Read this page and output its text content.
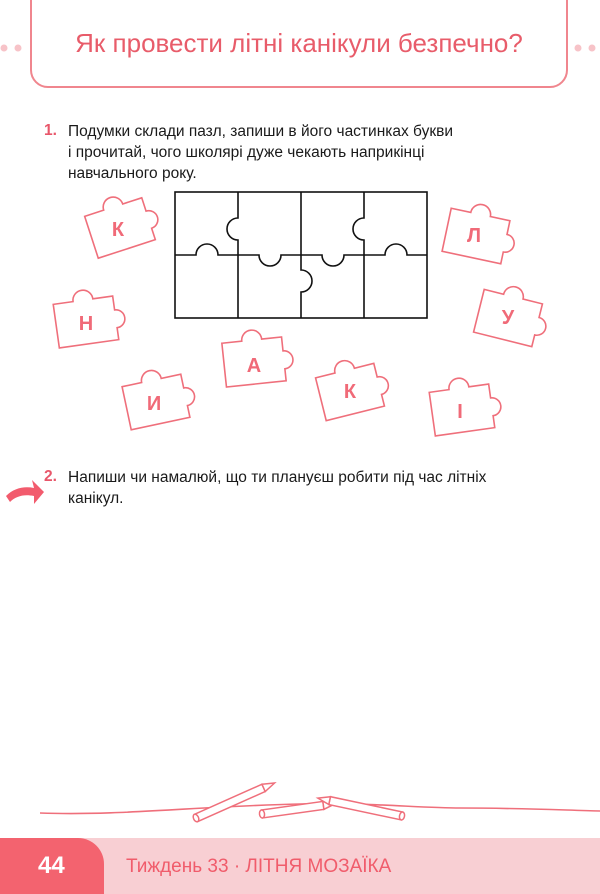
Як провести літні канікули безпечно?
1. Подумки склади пазл, запиши в його частинках букви
і прочитай, чого школярі дуже чекають наприкінці
навчального року.
К	Л
Н	У
И
А
К
І
2. Напиши чи намалюй, що ти плануєш робити під час літніх
канікул.
44	Тиждень 33 · ЛІТНЯ МОЗАЇКА
